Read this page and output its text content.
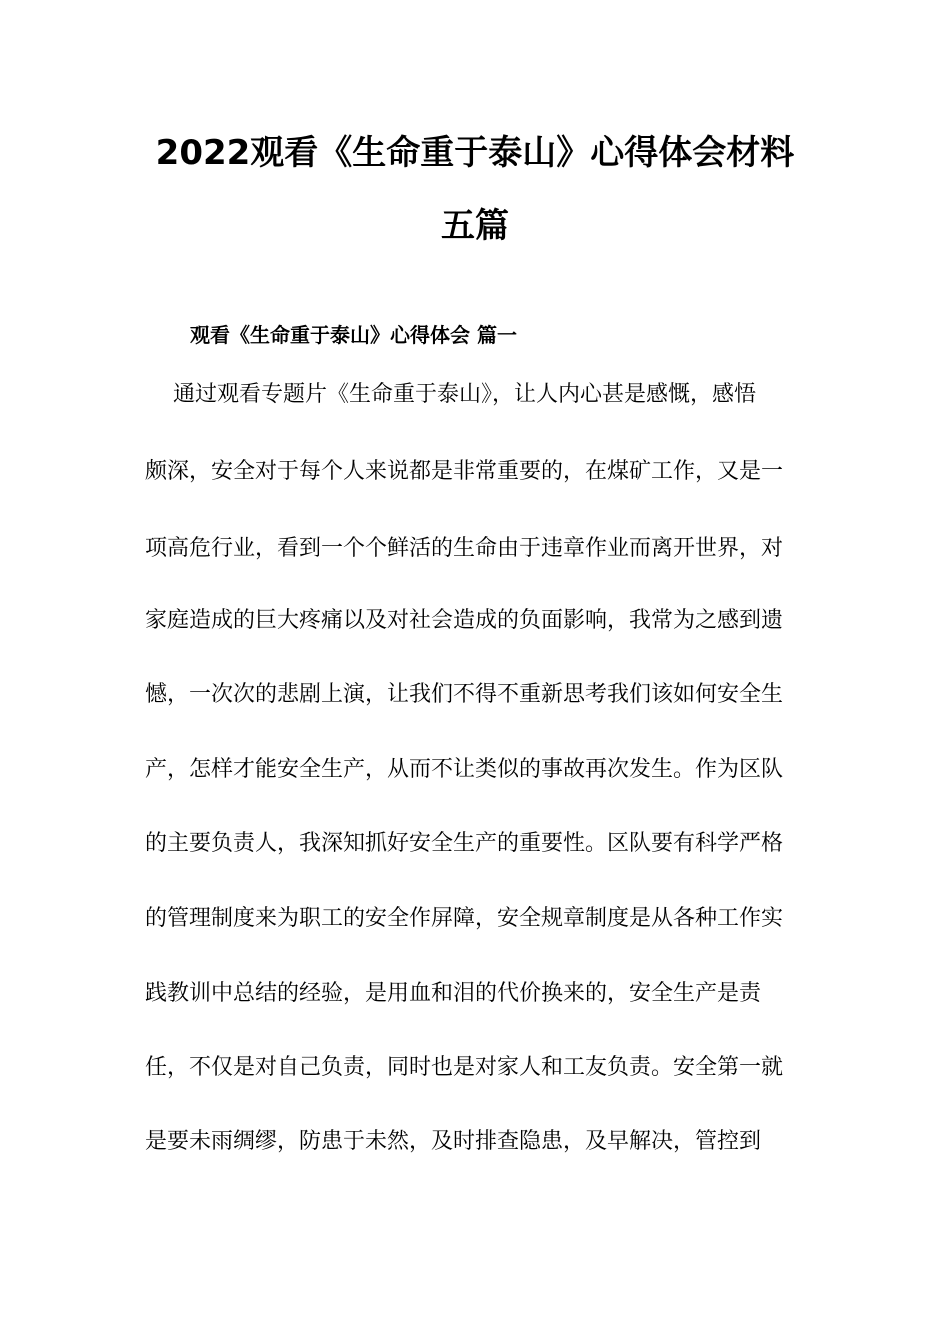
2022观看《生命重于泰山》心得体会材料
五篇
观看《生命重于泰山》心得体会 篇一

通过观看专题片《生命重于泰山》，让人内心甚是感慨，感悟

颇深，安全对于每个人来说都是非常重要的，在煤矿工作，又是一

项高危行业，看到一个个鲜活的生命由于违章作业而离开世界，对

家庭造成的巨大疼痛以及对社会造成的负面影响，我常为之感到遗

憾，一次次的悲剧上演，让我们不得不重新思考我们该如何安全生

产，怎样才能安全生产，从而不让类似的事故再次发生。作为区队

的主要负责人，我深知抓好安全生产的重要性。区队要有科学严格

的管理制度来为职工的安全作屏障，安全规章制度是从各种工作实

践教训中总结的经验，是用血和泪的代价换来的，安全生产是责

任，不仅是对自己负责，同时也是对家人和工友负责。安全第一就

是要未雨绸缪，防患于未然，及时排查隐患，及早解决，管控到
